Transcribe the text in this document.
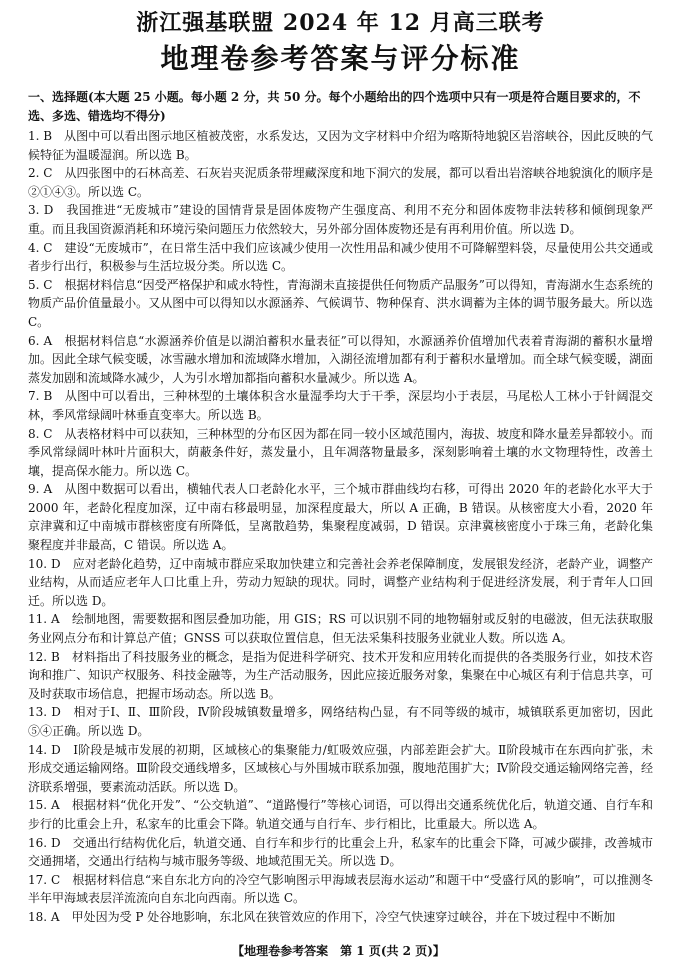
浙江强基联盟 2024 年 12 月高三联考
地理卷参考答案与评分标准
一、选择题(本大题 25 小题。每小题 2 分，共 50 分。每个小题给出的四个选项中只有一项是符合题目要求的，不选、多选、错选均不得分)

1. B　从图中可以看出图示地区植被茂密，水系发达，又因为文字材料中介绍为喀斯特地貌区岩溶峡谷，因此反映的气候特征为温暖湿润。所以选 B。

2. C　从四张图中的石林高差、石灰岩夹泥质条带埋藏深度和地下洞穴的发展，都可以看出岩溶峡谷地貌演化的顺序是②①④③。所以选 C。

3. D　我国推进“无废城市”建设的国情背景是固体废物产生强度高、利用不充分和固体废物非法转移和倾倒现象严重。而且我国资源消耗和环境污染问题压力依然较大，另外部分固体废物还是有再利用价值。所以选 D。

4. C　建设“无废城市”，在日常生活中我们应该减少使用一次性用品和减少使用不可降解塑料袋，尽量使用公共交通或者步行出行，积极参与生活垃圾分类。所以选 C。

5. C　根据材料信息“因受严格保护和咸水特性，青海湖未直接提供任何物质产品服务”可以得知，青海湖水生态系统的物质产品价值量最小。又从图中可以得知以水源涵养、气候调节、物种保育、洪水调蓄为主体的调节服务最大。所以选 C。

6. A　根据材料信息“水源涵养价值是以湖泊蓄积水量表征”可以得知，水源涵养价值增加代表着青海湖的蓄积水量增加。因此全球气候变暖，冰雪融水增加和流域降水增加，入湖径流增加都有利于蓄积水量增加。而全球气候变暖，湖面蒸发加剧和流域降水减少，人为引水增加都指向蓄积水量减少。所以选 A。

7. B　从图中可以看出，三种林型的土壤体积含水量湿季均大于干季，深层均小于表层，马尾松人工林小于针阔混交林，季风常绿阔叶林垂直变率大。所以选 B。

8. C　从表格材料中可以获知，三种林型的分布区因为都在同一较小区域范围内，海拔、坡度和降水量差异都较小。而季风常绿阔叶林叶片面积大，荫蔽条件好，蒸发量小，且年凋落物量最多，深刻影响着土壤的水文物理特性，改善土壤，提高保水能力。所以选 C。

9. A　从图中数据可以看出，横轴代表人口老龄化水平，三个城市群曲线均右移，可得出 2020 年的老龄化水平大于 2000 年，老龄化程度加深，辽中南右移最明显，加深程度最大，所以 A 正确，B 错误。从核密度大小看，2020 年京津冀和辽中南城市群核密度有所降低，呈离散趋势，集聚程度减弱，D 错误。京津冀核密度小于珠三角，老龄化集聚程度并非最高，C 错误。所以选 A。

10. D　应对老龄化趋势，辽中南城市群应采取加快建立和完善社会养老保障制度，发展银发经济，老龄产业，调整产业结构，从而适应老年人口比重上升，劳动力短缺的现状。同时，调整产业结构利于促进经济发展，利于青年人口回迁。所以选 D。

11. A　绘制地图，需要数据和图层叠加功能，用 GIS；RS 可以识别不同的地物辐射或反射的电磁波，但无法获取服务业网点分布和计算总产值；GNSS 可以获取位置信息，但无法采集科技服务业就业人数。所以选 A。

12. B　材料指出了科技服务业的概念，是指为促进科学研究、技术开发和应用转化而提供的各类服务行业，如技术咨询和推广、知识产权服务、科技金融等，为生产活动服务，因此应接近服务对象，集聚在中心城区有利于信息共享，可及时获取市场信息，把握市场动态。所以选 B。

13. D　相对于Ⅰ、Ⅱ、Ⅲ阶段，Ⅳ阶段城镇数量增多，网络结构凸显，有不同等级的城市，城镇联系更加密切，因此⑤④正确。所以选 D。

14. D　Ⅰ阶段是城市发展的初期，区域核心的集聚能力/虹吸效应强，内部差距会扩大。Ⅱ阶段城市在东西向扩张，未形成交通运输网络。Ⅲ阶段交通线增多，区域核心与外围城市联系加强，腹地范围扩大；Ⅳ阶段交通运输网络完善，经济联系增强，要素流动活跃。所以选 D。

15. A　根据材料“优化开发”、“公交轨道”、“道路慢行”等核心词语，可以得出交通系统优化后，轨道交通、自行车和步行的比重会上升，私家车的比重会下降。轨道交通与自行车、步行相比，比重最大。所以选 A。

16. D　交通出行结构优化后，轨道交通、自行车和步行的比重会上升，私家车的比重会下降，可减少碳排，改善城市交通拥堵，交通出行结构与城市服务等级、地域范围无关。所以选 D。

17. C　根据材料信息“来自东北方向的冷空气影响图示甲海域表层海水运动”和题干中“受盛行风的影响”，可以推测冬半年甲海域表层洋流流向自东北向西南。所以选 C。

18. A　甲处因为受 P 处谷地影响，东北风在狭管效应的作用下，冷空气快速穿过峡谷，并在下坡过程中不断加

【地理卷参考答案　第 1 页(共 2 页)】
